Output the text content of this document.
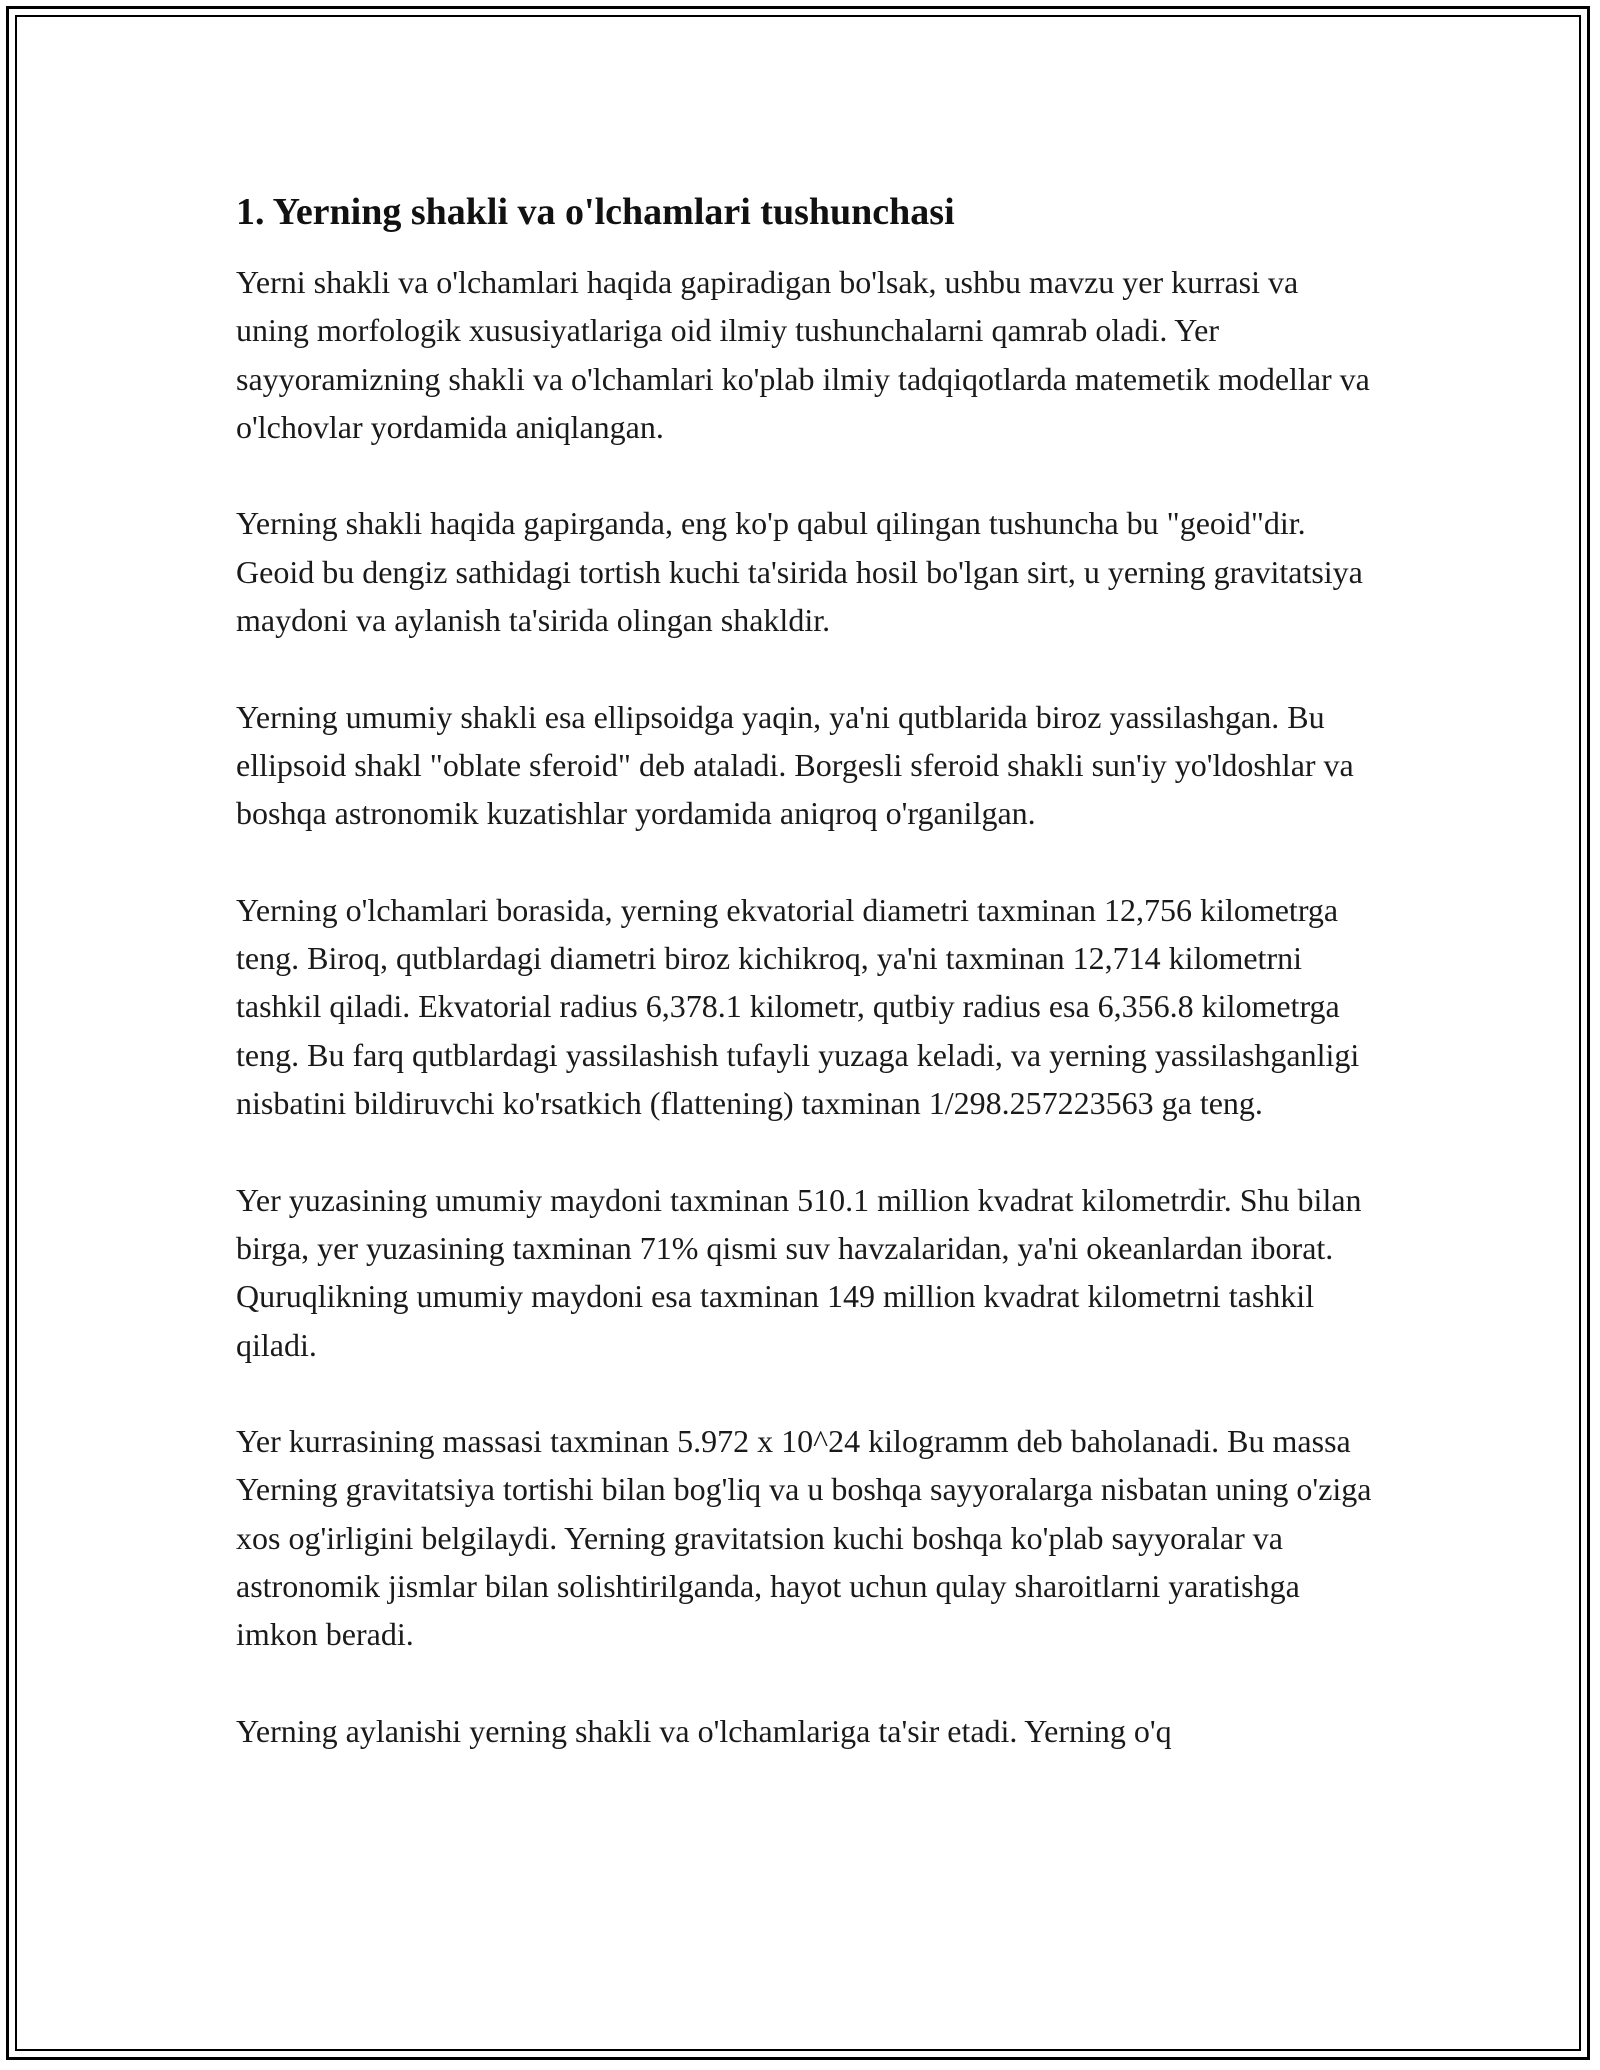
1. Yerning shakli va o'lchamlari tushunchasi

Yerni shakli va o'lchamlari haqida gapiradigan bo'lsak, ushbu mavzu yer kurrasi va uning morfologik xususiyatlariga oid ilmiy tushunchalarni qamrab oladi. Yer sayyoramizning shakli va o'lchamlari ko'plab ilmiy tadqiqotlarda matemetik modellar va o'lchovlar yordamida aniqlangan.

Yerning shakli haqida gapirganda, eng ko'p qabul qilingan tushuncha bu "geoid"dir. Geoid bu dengiz sathidagi tortish kuchi ta'sirida hosil bo'lgan sirt, u yerning gravitatsiya maydoni va aylanish ta'sirida olingan shakldir.

Yerning umumiy shakli esa ellipsoidga yaqin, ya'ni qutblarida biroz yassilashgan. Bu ellipsoid shakl "oblate sferoid" deb ataladi. Borgesli sferoid shakli sun'iy yo'ldoshlar va boshqa astronomik kuzatishlar yordamida aniqroq o'rganilgan.

Yerning o'lchamlari borasida, yerning ekvatorial diametri taxminan 12,756 kilometrga teng. Biroq, qutblardagi diametri biroz kichikroq, ya'ni taxminan 12,714 kilometrni tashkil qiladi. Ekvatorial radius 6,378.1 kilometr, qutbiy radius esa 6,356.8 kilometrga teng. Bu farq qutblardagi yassilashish tufayli yuzaga keladi, va yerning yassilashganligi nisbatini bildiruvchi ko'rsatkich (flattening) taxminan 1/298.257223563 ga teng.

Yer yuzasining umumiy maydoni taxminan 510.1 million kvadrat kilometrdir. Shu bilan birga, yer yuzasining taxminan 71% qismi suv havzalaridan, ya'ni okeanlardan iborat. Quruqlikning umumiy maydoni esa taxminan 149 million kvadrat kilometrni tashkil qiladi.

Yer kurrasining massasi taxminan 5.972 x 10^24 kilogramm deb baholanadi. Bu massa Yerning gravitatsiya tortishi bilan bog'liq va u boshqa sayyoralarga nisbatan uning o'ziga xos og'irligini belgilaydi. Yerning gravitatsion kuchi boshqa ko'plab sayyoralar va astronomik jismlar bilan solishtirilganda, hayot uchun qulay sharoitlarni yaratishga imkon beradi.

Yerning aylanishi yerning shakli va o'lchamlariga ta'sir etadi. Yerning o'q
